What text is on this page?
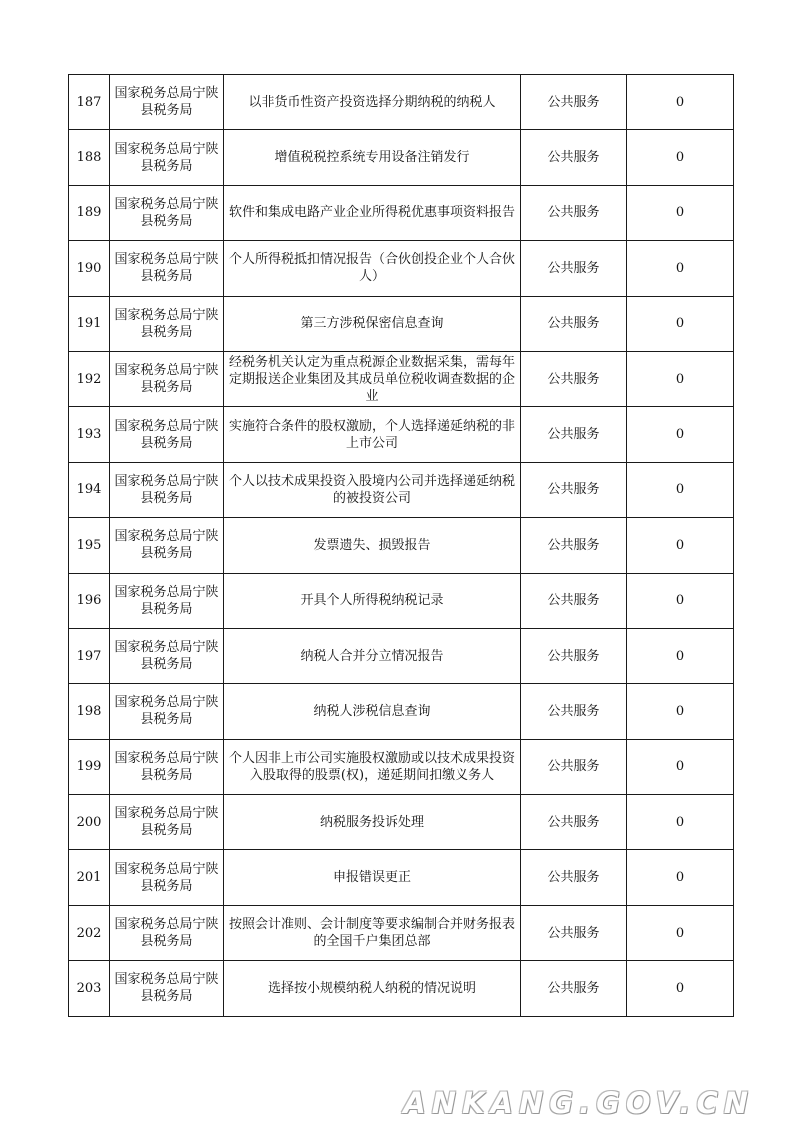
187	国家税务总局宁陕县税务局	以非货币性资产投资选择分期纳税的纳税人	公共服务	0
188	国家税务总局宁陕县税务局	增值税税控系统专用设备注销发行	公共服务	0
189	国家税务总局宁陕县税务局	软件和集成电路产业企业所得税优惠事项资料报告	公共服务	0
190	国家税务总局宁陕县税务局	个人所得税抵扣情况报告（合伙创投企业个人合伙人）	公共服务	0
191	国家税务总局宁陕县税务局	第三方涉税保密信息查询	公共服务	0
192	国家税务总局宁陕县税务局	经税务机关认定为重点税源企业数据采集，需每年定期报送企业集团及其成员单位税收调查数据的企业	公共服务	0
193	国家税务总局宁陕县税务局	实施符合条件的股权激励，个人选择递延纳税的非上市公司	公共服务	0
194	国家税务总局宁陕县税务局	个人以技术成果投资入股境内公司并选择递延纳税的被投资公司	公共服务	0
195	国家税务总局宁陕县税务局	发票遗失、损毁报告	公共服务	0
196	国家税务总局宁陕县税务局	开具个人所得税纳税记录	公共服务	0
197	国家税务总局宁陕县税务局	纳税人合并分立情况报告	公共服务	0
198	国家税务总局宁陕县税务局	纳税人涉税信息查询	公共服务	0
199	国家税务总局宁陕县税务局	个人因非上市公司实施股权激励或以技术成果投资入股取得的股票(权)，递延期间扣缴义务人	公共服务	0
200	国家税务总局宁陕县税务局	纳税服务投诉处理	公共服务	0
201	国家税务总局宁陕县税务局	申报错误更正	公共服务	0
202	国家税务总局宁陕县税务局	按照会计准则、会计制度等要求编制合并财务报表的全国千户集团总部	公共服务	0
203	国家税务总局宁陕县税务局	选择按小规模纳税人纳税的情况说明	公共服务	0
ANKANG.GOV.CN
